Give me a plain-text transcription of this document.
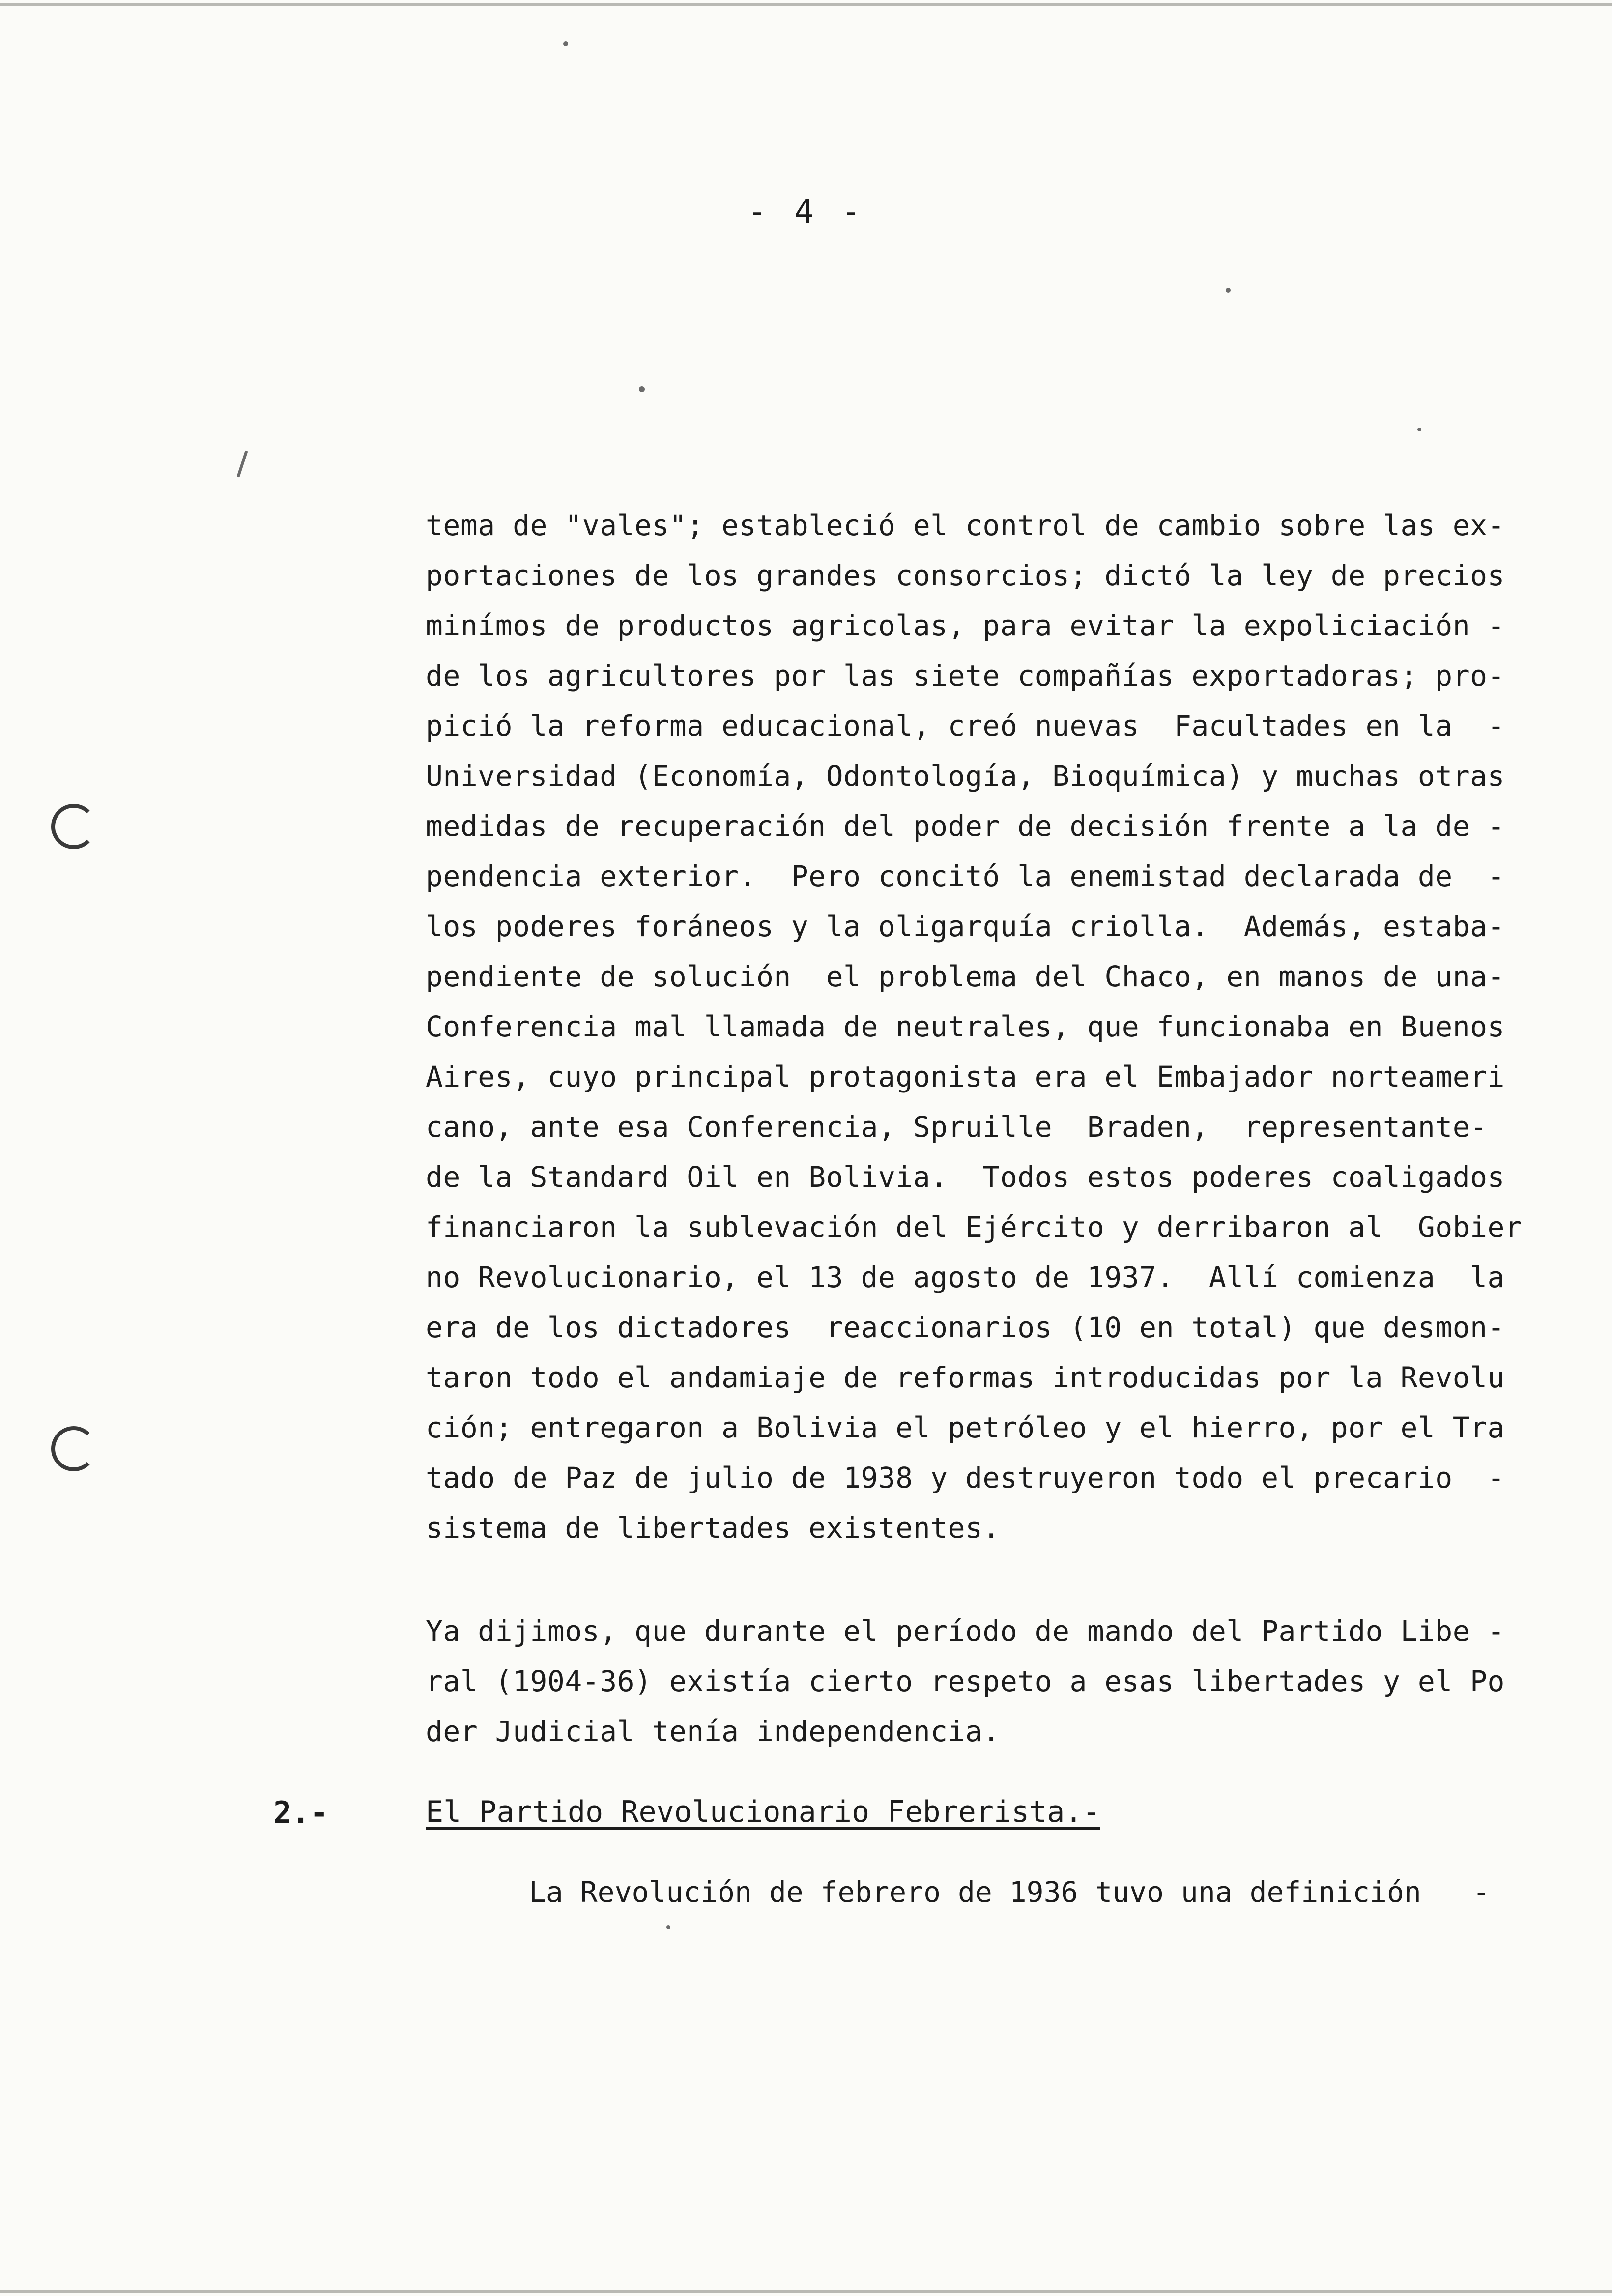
- 4 -
tema de "vales"; estableció el control de cambio sobre las ex-
portaciones de los grandes consorcios; dictó la ley de precios
minímos de productos agricolas, para evitar la expoliciación -
de los agricultores por las siete compañías exportadoras; pro-
pició la reforma educacional, creó nuevas  Facultades en la  -
Universidad (Economía, Odontología, Bioquímica) y muchas otras
medidas de recuperación del poder de decisión frente a la de -
pendencia exterior.  Pero concitó la enemistad declarada de  -
los poderes foráneos y la oligarquía criolla.  Además, estaba-
pendiente de solución  el problema del Chaco, en manos de una-
Conferencia mal llamada de neutrales, que funcionaba en Buenos
Aires, cuyo principal protagonista era el Embajador norteameri
cano, ante esa Conferencia, Spruille  Braden,  representante-
de la Standard Oil en Bolivia.  Todos estos poderes coaligados
financiaron la sublevación del Ejército y derribaron al  Gobier
no Revolucionario, el 13 de agosto de 1937.  Allí comienza  la
era de los dictadores  reaccionarios (10 en total) que desmon-
taron todo el andamiaje de reformas introducidas por la Revolu
ción; entregaron a Bolivia el petróleo y el hierro, por el Tra
tado de Paz de julio de 1938 y destruyeron todo el precario  -
sistema de libertades existentes.
Ya dijimos, que durante el período de mando del Partido Libe -
ral (1904-36) existía cierto respeto a esas libertades y el Po
der Judicial tenía independencia.
2.-	El Partido Revolucionario Febrerista.-
La Revolución de febrero de 1936 tuvo una definición   -
